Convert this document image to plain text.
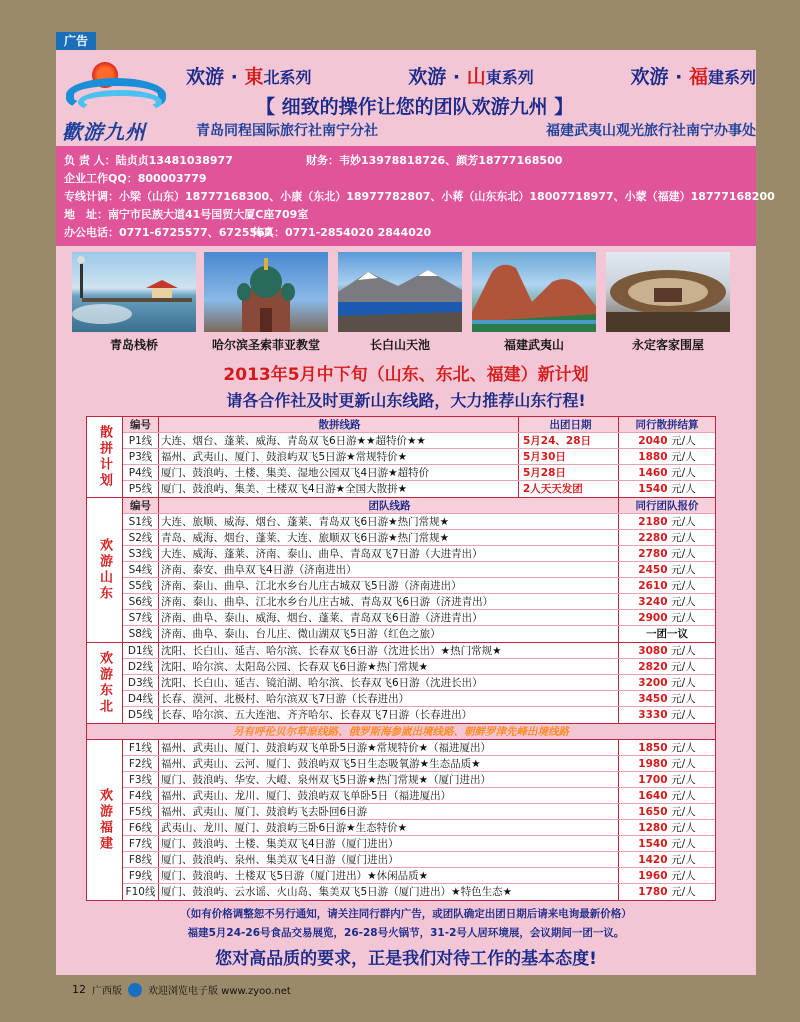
广告
歡游九州
欢游 · 東北系列	欢游 · 山東系列	欢游 · 福建系列
【 细致的操作让您的团队欢游九州 】
青岛同程国际旅行社南宁分社	福建武夷山观光旅行社南宁办事处
负 责 人：陆贞贞13481038977	财务：韦妙13978818726、颜芳18777168500
企业工作QQ：800003779
专线计调：小梁（山东）18777168300、小康（东北）18977782807、小蒋（山东东北）18007718977、小蒙（福建）18777168200
地　址：南宁市民族大道41号国贸大厦C座709室
办公电话：0771-6725577、6725567
传真：0771-2854020 2844020
青岛栈桥	哈尔滨圣索菲亚教堂	长白山天池	福建武夷山	永定客家围屋
2013年5月中下旬（山东、东北、福建）新计划
请各合作社及时更新山东线路，大力推荐山东行程!
散拼计划	编号	散拼线路	出团日期	同行散拼结算
P1线 大连、烟台、蓬莱、威海、青岛双飞6日游★★超特价★★	5月24、28日	2040 元/人
P3线 福州、武夷山、厦门、鼓浪屿双飞5日游★常规特价★	5月30日	1880 元/人
P4线 厦门、鼓浪屿、土楼、集美、湿地公园双飞4日游★超特价	5月28日	1460 元/人
P5线 厦门、鼓浪屿、集美、土楼双飞4日游★全国大散拼★	2人天天发团	1540 元/人
欢游山东
编号	团队线路	同行团队报价
S1线 大连、旅顺、威海、烟台、蓬莱、青岛双飞6日游★热门常规★	2180 元/人
S2线 青岛、威海、烟台、蓬莱、大连、旅顺双飞6日游★热门常规★	2280 元/人
S3线 大连、威海、蓬莱、济南、泰山、曲阜、青岛双飞7日游（大进青出）	2780 元/人
S4线 济南、泰安、曲阜双飞4日游（济南进出）	2450 元/人
S5线 济南、泰山、曲阜、江北水乡台儿庄古城双飞5日游（济南进出）	2610 元/人
S6线 济南、泰山、曲阜、江北水乡台儿庄古城、青岛双飞6日游（济进青出）	3240 元/人
S7线 济南、曲阜、泰山、威海、烟台、蓬莱、青岛双飞6日游（济进青出）	2900 元/人
S8线 济南、曲阜、泰山、台儿庄、微山湖双飞5日游（红色之旅）	一团一议
欢游东北	D1线 沈阳、长白山、延吉、哈尔滨、长春双飞6日游（沈进长出）★热门常规★	3080 元/人
D2线 沈阳、哈尔滨、太阳岛公园、长春双飞6日游★热门常规★	2820 元/人
D3线 沈阳、长白山、延吉、镜泊湖、哈尔滨、长春双飞6日游（沈进长出）	3200 元/人
D4线 长春、漠河、北极村、哈尔滨双飞7日游（长春进出）	3450 元/人
D5线 长春、哈尔滨、五大连池、齐齐哈尔、长春双飞7日游（长春进出）	3330 元/人
另有呼伦贝尔草原线路、俄罗斯海参崴出境线路、朝鲜罗津先峰出境线路
欢游福建
F1线 福州、武夷山、厦门、鼓浪屿双飞单卧5日游★常规特价★（福进厦出）	1850 元/人
F2线 福州、武夷山、云河、厦门、鼓浪屿双飞5日生态吸氧游★生态品质★	1980 元/人
F3线 厦门、鼓浪屿、华安、大嶝、泉州双飞5日游★热门常规★（厦门进出）	1700 元/人
F4线 福州、武夷山、龙川、厦门、鼓浪屿双飞单卧5日（福进厦出）	1640 元/人
F5线 福州、武夷山、厦门、鼓浪屿飞去卧回6日游	1650 元/人
F6线 武夷山、龙川、厦门、鼓浪屿三卧6日游★生态特价★	1280 元/人
F7线 厦门、鼓浪屿、土楼、集美双飞4日游（厦门进出）	1540 元/人
F8线 厦门、鼓浪屿、泉州、集美双飞4日游（厦门进出）	1420 元/人
F9线 厦门、鼓浪屿、土楼双飞5日游（厦门进出）★休闲品质★	1960 元/人
F10线 厦门、鼓浪屿、云水谣、火山岛、集美双飞5日游（厦门进出）★特色生态★	1780 元/人
（如有价格调整恕不另行通知，请关注同行群内广告，或团队确定出团日期后请来电询最新价格）
福建5月24-26号食品交易展览，26-28号火锅节，31-2号人居环境展，会议期间一团一议。
您对高品质的要求，正是我们对待工作的基本态度!
12 广西版	欢迎浏览电子版 www.zyoo.net
